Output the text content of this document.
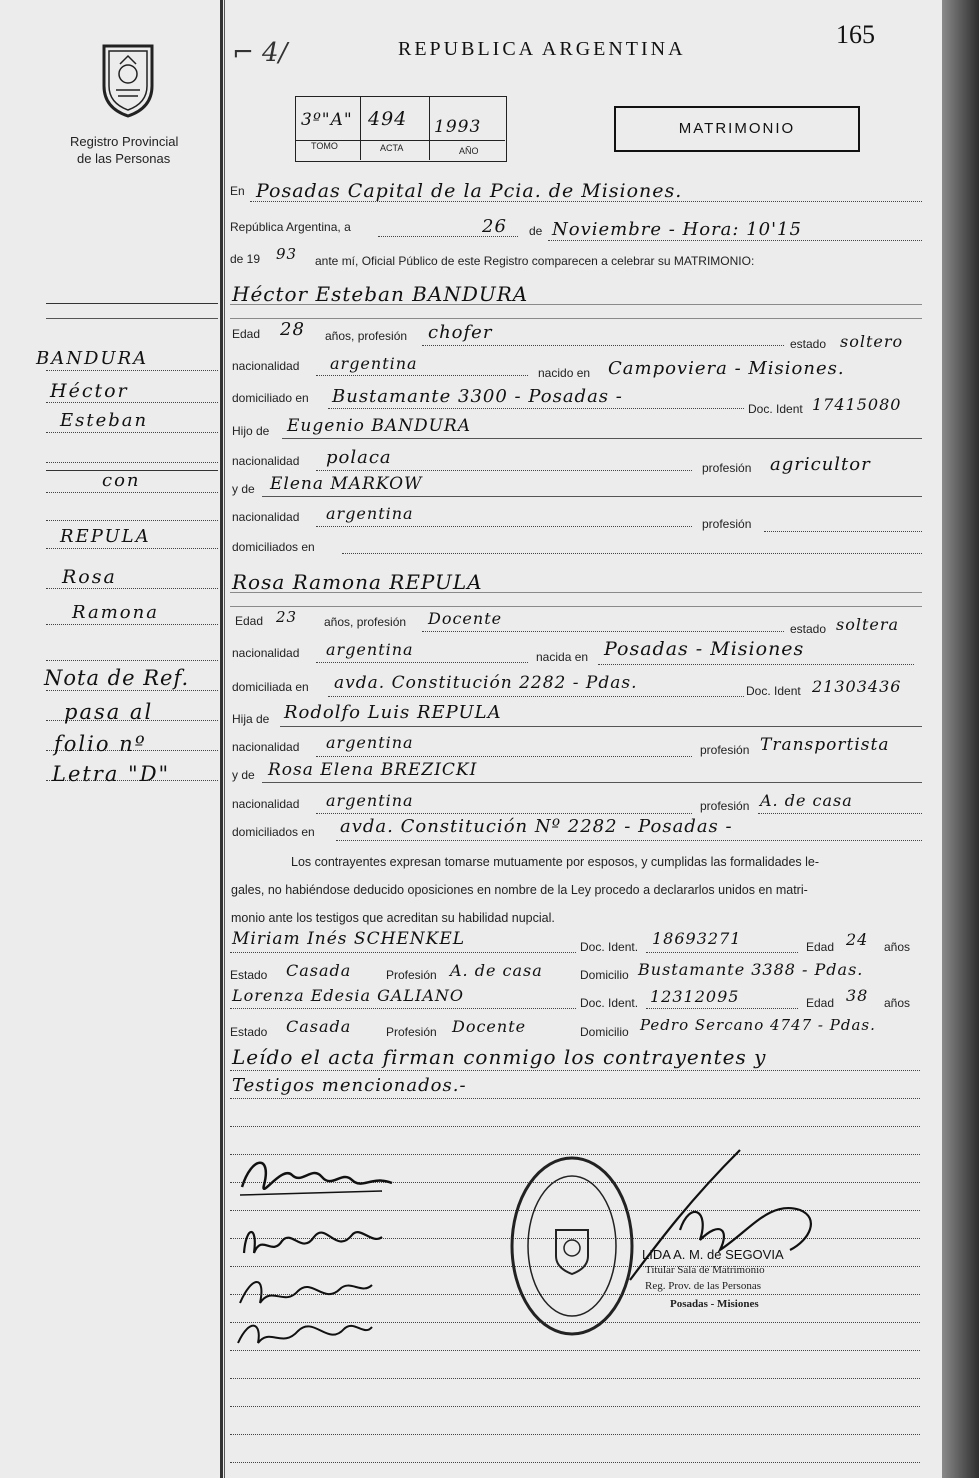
Registro Provincial
de las Personas
REPUBLICA ARGENTINA	165
⌐ 4/
3º"A" 494 1993
TOMO	ACTA	AÑO
MATRIMONIO
En Posadas Capital de la Pcia. de Misiones.
República Argentina, a	26 de Noviembre - Hora: 10'15
de 19 93 ante mí, Oficial Público de este Registro comparecen a celebrar su MATRIMONIO:
Héctor Esteban BANDURA
Edad 28 años, profesión chofer
estado soltero
nacionalidad argentina	nacido en Campoviera - Misiones.
domiciliado en Bustamante 3300 - Posadas -
Doc. Ident 17415080
Hijo de Eugenio BANDURA
nacionalidad polaca	profesión agricultor
y de Elena MARKOW
nacionalidad argentina
profesión
domiciliados en
Rosa Ramona REPULA
Edad 23 años, profesión Docente
estado soltera
nacionalidad argentina	nacida en Posadas - Misiones
domiciliada en avda. Constitución 2282 - Pdas.	Doc. Ident 21303436
Hija de Rodolfo Luis REPULA
nacionalidad argentina	profesión Transportista
y de Rosa Elena BREZICKI
nacionalidad argentina	profesión A. de casa
domiciliados en avda. Constitución Nº 2282 - Posadas -
Los contrayentes expresan tomarse mutuamente por esposos, y cumplidas las formalidades le-
gales, no habiéndose deducido oposiciones en nombre de la Ley procedo a declararlos unidos en matri-
monio ante los testigos que acreditan su habilidad nupcial.
Miriam Inés SCHENKEL	Doc. Ident. 18693271	Edad 24 años
Estado Casada	Profesión A. de casa	Domicilio Bustamante 3388 - Pdas.
Lorenza Edesia GALIANO	Doc. Ident. 12312095	Edad 38 años
Estado Casada	Profesión Docente	Domicilio Pedro Sercano 4747 - Pdas.
Leído el acta firman conmigo los contrayentes y
Testigos mencionados.-
LIDA A. M. de SEGOVIA
Titular Sala de Matrimonio
Reg. Prov. de las Personas
Posadas - Misiones
BANDURA
Héctor
Esteban
con
REPULA
Rosa
Ramona
Nota de Ref.
pasa al
folio nº
Letra "D"
